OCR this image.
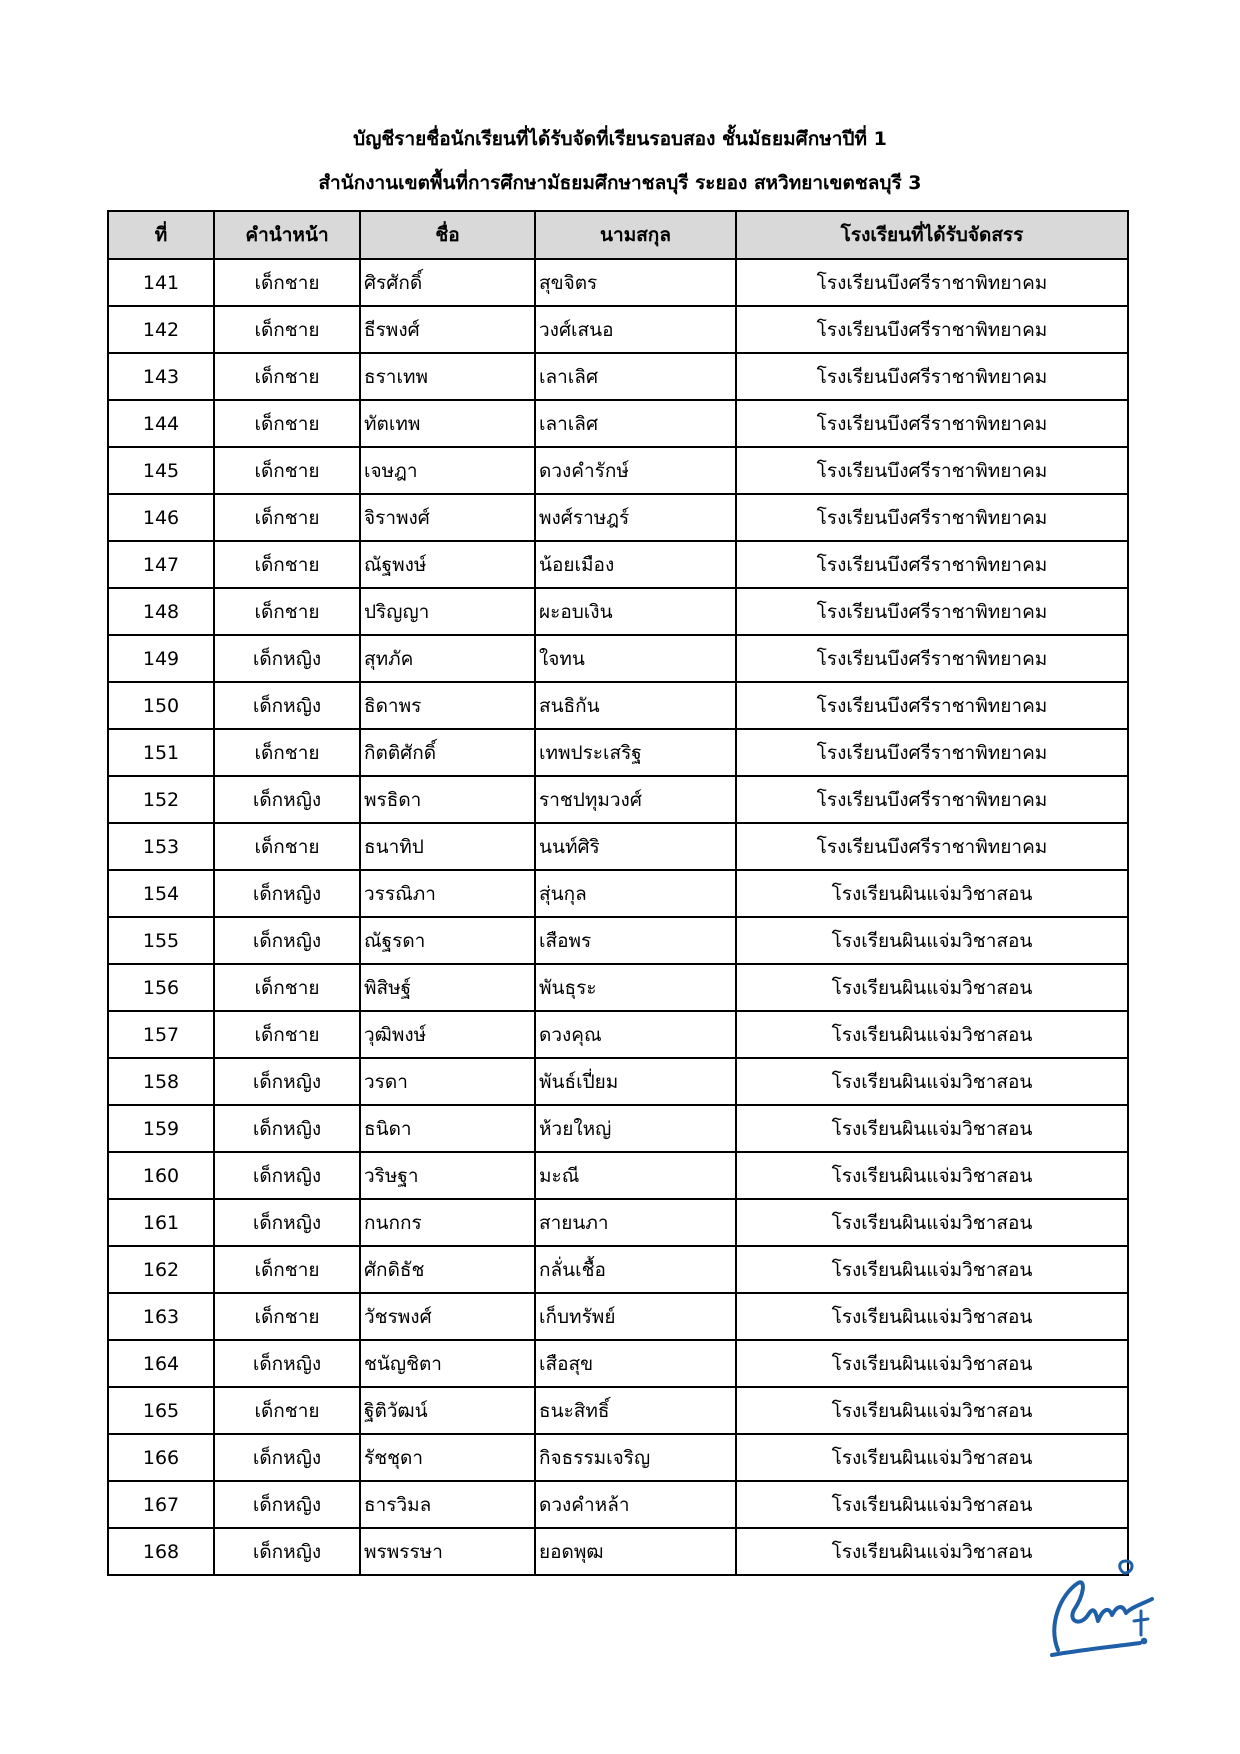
บัญชีรายชื่อนักเรียนที่ได้รับจัดที่เรียนรอบสอง ชั้นมัธยมศึกษาปีที่ 1
สำนักงานเขตพื้นที่การศึกษามัธยมศึกษาชลบุรี ระยอง สหวิทยาเขตชลบุรี 3
ที่	คำนำหน้า	ชื่อ	นามสกุล	โรงเรียนที่ได้รับจัดสรร
141	เด็กชาย	ศิรศักดิ์	สุขจิตร	โรงเรียนบึงศรีราชาพิทยาคม
142	เด็กชาย	ธีรพงศ์	วงศ์เสนอ	โรงเรียนบึงศรีราชาพิทยาคม
143	เด็กชาย	ธราเทพ	เลาเลิศ	โรงเรียนบึงศรีราชาพิทยาคม
144	เด็กชาย	ทัตเทพ	เลาเลิศ	โรงเรียนบึงศรีราชาพิทยาคม
145	เด็กชาย	เจษฎา	ดวงคำรักษ์	โรงเรียนบึงศรีราชาพิทยาคม
146	เด็กชาย	จิราพงศ์	พงศ์ราษฎร์	โรงเรียนบึงศรีราชาพิทยาคม
147	เด็กชาย	ณัฐพงษ์	น้อยเมือง	โรงเรียนบึงศรีราชาพิทยาคม
148	เด็กชาย	ปริญญา	ผะอบเงิน	โรงเรียนบึงศรีราชาพิทยาคม
149	เด็กหญิง	สุทภัค	ใจทน	โรงเรียนบึงศรีราชาพิทยาคม
150	เด็กหญิง	ธิดาพร	สนธิกัน	โรงเรียนบึงศรีราชาพิทยาคม
151	เด็กชาย	กิตติศักดิ์	เทพประเสริฐ	โรงเรียนบึงศรีราชาพิทยาคม
152	เด็กหญิง	พรธิดา	ราชปทุมวงศ์	โรงเรียนบึงศรีราชาพิทยาคม
153	เด็กชาย	ธนาทิป	นนท์ศิริ	โรงเรียนบึงศรีราชาพิทยาคม
154	เด็กหญิง	วรรณิภา	สุ่นกุล	โรงเรียนผินแจ่มวิชาสอน
155	เด็กหญิง	ณัฐรดา	เสือพร	โรงเรียนผินแจ่มวิชาสอน
156	เด็กชาย	พิสิษฐ์	พันธุระ	โรงเรียนผินแจ่มวิชาสอน
157	เด็กชาย	วุฒิพงษ์	ดวงคุณ	โรงเรียนผินแจ่มวิชาสอน
158	เด็กหญิง	วรดา	พันธ์เปี่ยม	โรงเรียนผินแจ่มวิชาสอน
159	เด็กหญิง	ธนิดา	ห้วยใหญ่	โรงเรียนผินแจ่มวิชาสอน
160	เด็กหญิง	วริษฐา	มะณี	โรงเรียนผินแจ่มวิชาสอน
161	เด็กหญิง	กนกกร	สายนภา	โรงเรียนผินแจ่มวิชาสอน
162	เด็กชาย	ศักดิธัช	กลั่นเชื้อ	โรงเรียนผินแจ่มวิชาสอน
163	เด็กชาย	วัชรพงศ์	เก็บทรัพย์	โรงเรียนผินแจ่มวิชาสอน
164	เด็กหญิง	ชนัญชิตา	เสือสุข	โรงเรียนผินแจ่มวิชาสอน
165	เด็กชาย	ฐิติวัฒน์	ธนะสิทธิ์	โรงเรียนผินแจ่มวิชาสอน
166	เด็กหญิง	รัชชุดา	กิจธรรมเจริญ	โรงเรียนผินแจ่มวิชาสอน
167	เด็กหญิง	ธารวิมล	ดวงคำหล้า	โรงเรียนผินแจ่มวิชาสอน
168	เด็กหญิง	พรพรรษา	ยอดพุฒ	โรงเรียนผินแจ่มวิชาสอน
